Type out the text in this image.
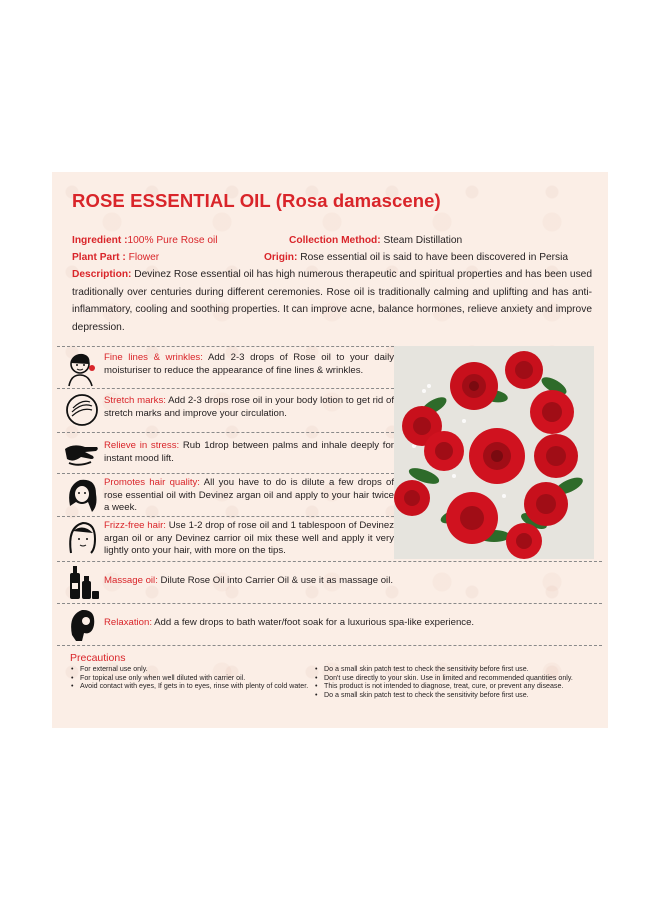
ROSE ESSENTIAL OIL (Rosa damascene)
Ingredient :100% Pure Rose oil	Collection Method: Steam Distillation
Plant Part : Flower	Origin: Rose essential oil is said to have been discovered in Persia
Description: Devinez Rose essential oil has high numerous therapeutic and spiritual properties and has been used traditionally over centuries during different ceremonies. Rose oil is traditionally calming and uplifting and has anti-inflammatory, cooling and soothing properties. It can improve acne, balance hormones, relieve anxiety and improve depression.
Fine lines & wrinkles: Add 2-3 drops of Rose oil to your daily moisturiser to reduce the appearance of fine lines & wrinkles.
Stretch marks: Add 2-3 drops rose oil in your body lotion to get rid of stretch marks and improve your circulation.
Relieve in stress: Rub 1drop between palms and inhale deeply for instant mood lift.
Promotes hair quality: All you have to do is dilute a few drops of rose essential oil with Devinez argan oil and apply to your hair twice a week.
Frizz-free hair: Use 1-2 drop of rose oil and 1 tablespoon of Devinez argan oil or any Devinez carrior oil mix these well and apply it very lightly onto your hair, with more on the tips.
Massage oil: Dilute Rose Oil into Carrier Oil & use it as massage oil.
Relaxation: Add a few drops to bath water/foot soak for a luxurious spa-like experience.
Precautions
• For external use only.
• For topical use only when well diluted with carrier oil.
• Avoid contact with eyes, If gets in to eyes, rinse with plenty of cold water.
• Do a small skin patch test to check the sensitivity before first use.
• Don't use directly to your skin. Use in limited and recommended quantities only.
• This product is not intended to diagnose, treat, cure, or prevent any disease.
• Do a small skin patch test to check the sensitivity before first use.
